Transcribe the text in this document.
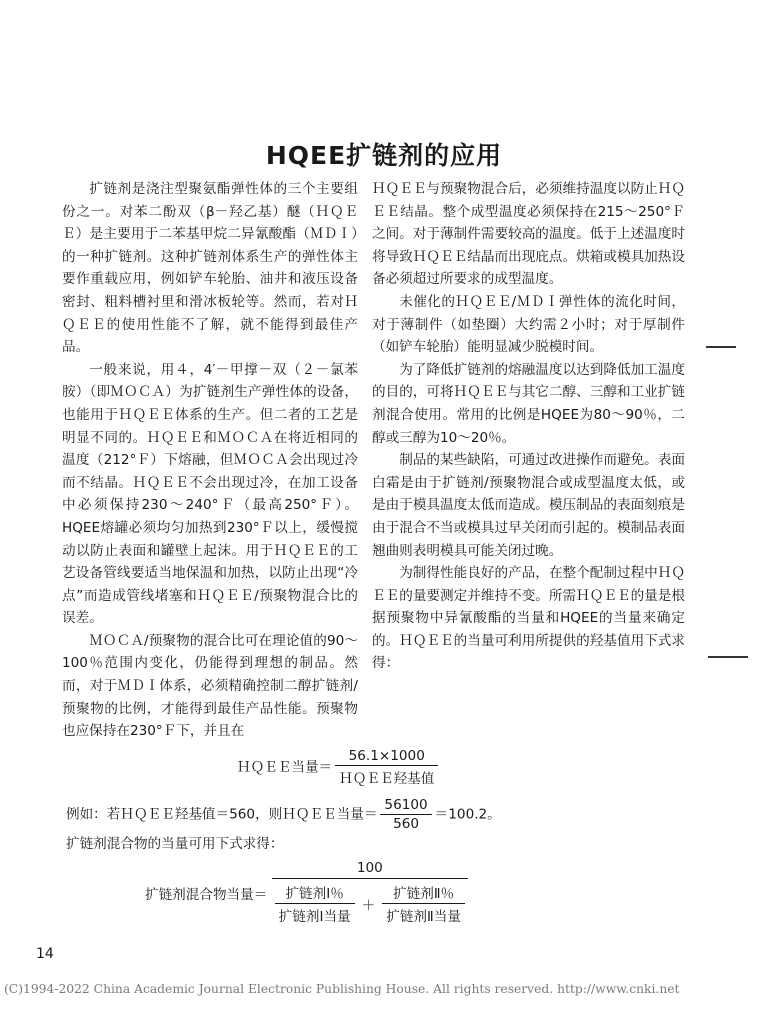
HQEE扩链剂的应用

扩链剂是浇注型聚氨酯弹性体的三个主要组份之一。对苯二酚双（β－羟乙基）醚（ＨＱＥＥ）是主要用于二苯基甲烷二异氰酸酯（ＭＤＩ）的一种扩链剂。这种扩链剂体系生产的弹性体主要作重载应用，例如铲车轮胎、油井和液压设备密封、粗料槽衬里和滑冰板轮等。然而，若对ＨＱＥＥ的使用性能不了解，就不能得到最佳产品。

一般来说，用４，4′－甲撑－双（２－氯苯胺）（即ＭＯＣＡ）为扩链剂生产弹性体的设备，也能用于ＨＱＥＥ体系的生产。但二者的工艺是明显不同的。ＨＱＥＥ和ＭＯＣＡ在将近相同的温度（212°Ｆ）下熔融，但ＭＯＣＡ会出现过冷而不结晶。ＨＱＥＥ不会出现过冷，在加工设备中必须保持230～240°Ｆ（最高250°Ｆ）。HQEE熔罐必须均匀加热到230°Ｆ以上，缓慢搅动以防止表面和罐壁上起沫。用于ＨＱＥＥ的工艺设备管线要适当地保温和加热，以防止出现“冷点”而造成管线堵塞和ＨＱＥＥ/预聚物混合比的误差。

ＭＯＣＡ/预聚物的混合比可在理论值的90～100％范围内变化，仍能得到理想的制品。然而，对于ＭＤＩ体系，必须精确控制二醇扩链剂/预聚物的比例，才能得到最佳产品性能。预聚物也应保持在230°Ｆ下，并且在

ＨＱＥＥ与预聚物混合后，必须维持温度以防止ＨＱＥＥ结晶。整个成型温度必须保持在215～250°Ｆ之间。对于薄制件需要较高的温度。低于上述温度时将导致ＨＱＥＥ结晶而出现庇点。烘箱或模具加热设备必须超过所要求的成型温度。

未催化的ＨＱＥＥ/ＭＤＩ弹性体的流化时间，对于薄制件（如垫圈）大约需２小时；对于厚制件（如铲车轮胎）能明显减少脱模时间。

为了降低扩链剂的熔融温度以达到降低加工温度的目的，可将ＨＱＥＥ与其它二醇、三醇和工业扩链剂混合使用。常用的比例是HQEE为80～90％，二醇或三醇为10～20％。

制品的某些缺陷，可通过改进操作而避免。表面白霜是由于扩链剂/预聚物混合或成型温度太低，或是由于模具温度太低而造成。模压制品的表面刻痕是由于混合不当或模具过早关闭而引起的。模制品表面翘曲则表明模具可能关闭过晚。

为制得性能良好的产品，在整个配制过程中ＨＱＥＥ的量要测定并维持不变。所需ＨＱＥＥ的量是根据预聚物中异氰酸酯的当量和HQEE的当量来确定的。ＨＱＥＥ的当量可利用所提供的羟基值用下式求得：

ＨＱＥＥ当量＝ $\frac{56.1\times 1000}{\text{ＨＱＥＥ羟基值}}$
例如：若ＨＱＥＥ羟基值＝560，则ＨＱＥＥ当量＝ $\frac{56100}{560} =100.2$。
扩链剂混合物的当量可用下式求得：
扩链剂混合物当量＝ $\frac{100}{\frac{\text{扩链剂Ⅰ％}}{\text{扩链剂Ⅰ当量}} + \frac{\text{扩链剂Ⅱ％}}{\text{扩链剂Ⅱ当量}}}$
14
(C)1994-2022 China Academic Journal Electronic Publishing House. All rights reserved. http://www.cnki.net
